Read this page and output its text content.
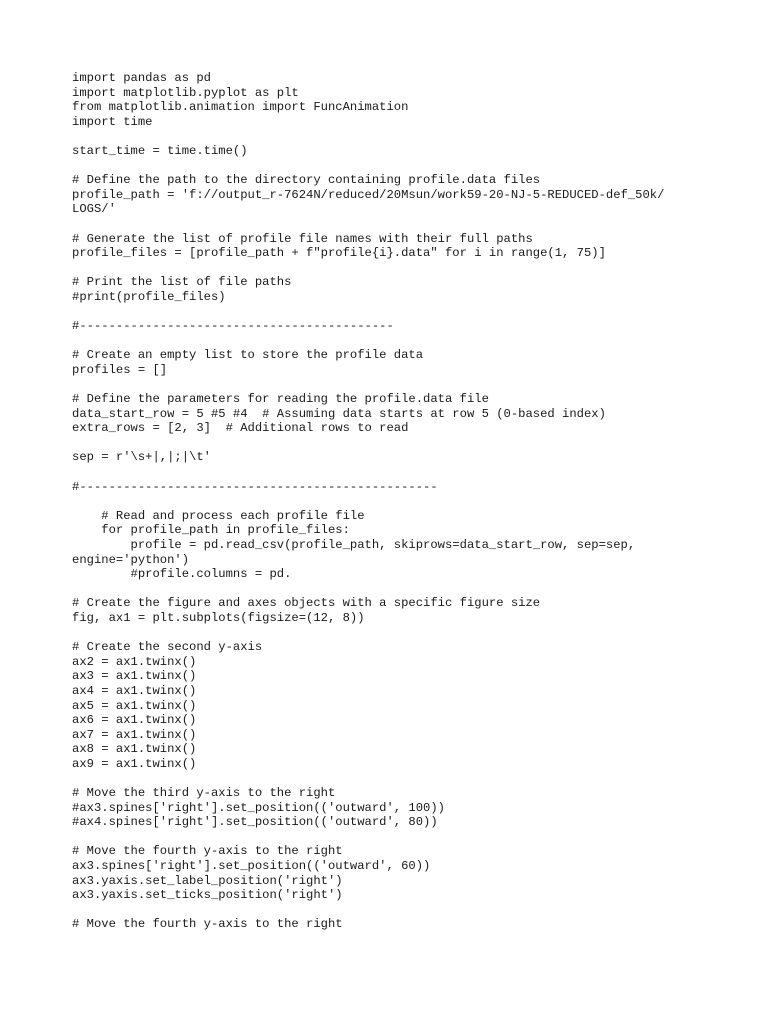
import pandas as pd
import matplotlib.pyplot as plt
from matplotlib.animation import FuncAnimation
import time
start_time = time.time()
# Define the path to the directory containing profile.data files
profile_path = 'f://output_r-7624N/reduced/20Msun/work59-20-NJ-5-REDUCED-def_50k/
LOGS/'
# Generate the list of profile file names with their full paths
profile_files = [profile_path + f"profile{i}.data" for i in range(1, 75)]
# Print the list of file paths
#print(profile_files)
#-------------------------------------------
# Create an empty list to store the profile data
profiles = []
# Define the parameters for reading the profile.data file
data_start_row = 5 #5 #4  # Assuming data starts at row 5 (0-based index)
extra_rows = [2, 3]  # Additional rows to read
sep = r'\s+|,|;|\t'
#-------------------------------------------------
# Read and process each profile file
for profile_path in profile_files:
profile = pd.read_csv(profile_path, skiprows=data_start_row, sep=sep,
engine='python')
#profile.columns = pd.
# Create the figure and axes objects with a specific figure size
fig, ax1 = plt.subplots(figsize=(12, 8))
# Create the second y-axis
ax2 = ax1.twinx()
ax3 = ax1.twinx()
ax4 = ax1.twinx()
ax5 = ax1.twinx()
ax6 = ax1.twinx()
ax7 = ax1.twinx()
ax8 = ax1.twinx()
ax9 = ax1.twinx()
# Move the third y-axis to the right
#ax3.spines['right'].set_position(('outward', 100))
#ax4.spines['right'].set_position(('outward', 80))
# Move the fourth y-axis to the right
ax3.spines['right'].set_position(('outward', 60))
ax3.yaxis.set_label_position('right')
ax3.yaxis.set_ticks_position('right')
# Move the fourth y-axis to the right
